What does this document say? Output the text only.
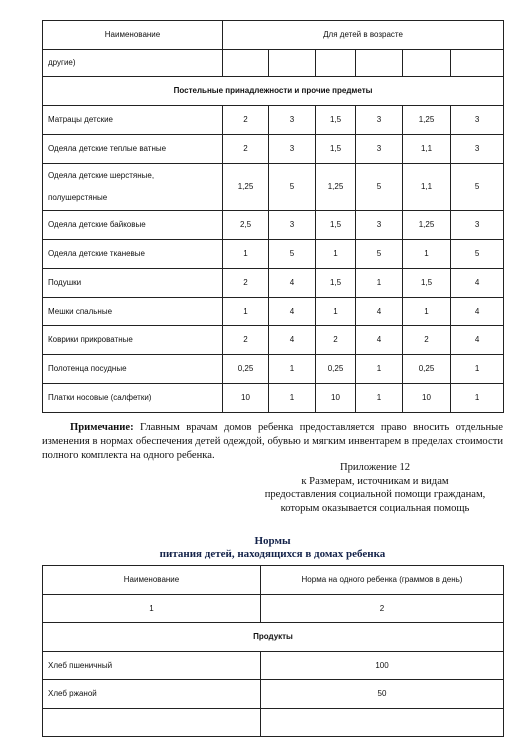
Наименование	Для детей в возрасте					
другие)						
Постельные принадлежности и прочие предметы						
Матрацы детские	2	3	1,5	3	1,25	3
Одеяла детские теплые ватные	2	3	1,5	3	1,1	3

Одеяла детские шерстяные,
полушерстяные	1,25	5	1,25	5	1,1	5
Одеяла детские байковые	2,5	3	1,5	3	1,25	3
Одеяла детские тканевые	1	5	1	5	1	5
Подушки	2	4	1,5	1	1,5	4
Мешки спальные	1	4	1	4	1	4
Коврики прикроватные	2	4	2	4	2	4
Полотенца посудные	0,25	1	0,25	1	0,25	1
Платки носовые (салфетки)	10	1	10	1	10	1

Примечание: Главным врачам домов ребенка предоставляется право вносить отдельные изменения в нормах обеспечения детей одеждой, обувью и мягким инвентарем в пределах стоимости полного комплекта на одного ребенка.

Приложение 12
к Размерам, источникам и видам
предоставления социальной помощи гражданам,
которым оказывается социальная помощь
Нормы
питания детей, находящихся в домах ребенка
Наименование	Норма на одного ребенка (граммов в день)
1	2
Продукты	
Хлеб пшеничный	100
Хлеб ржаной	50
